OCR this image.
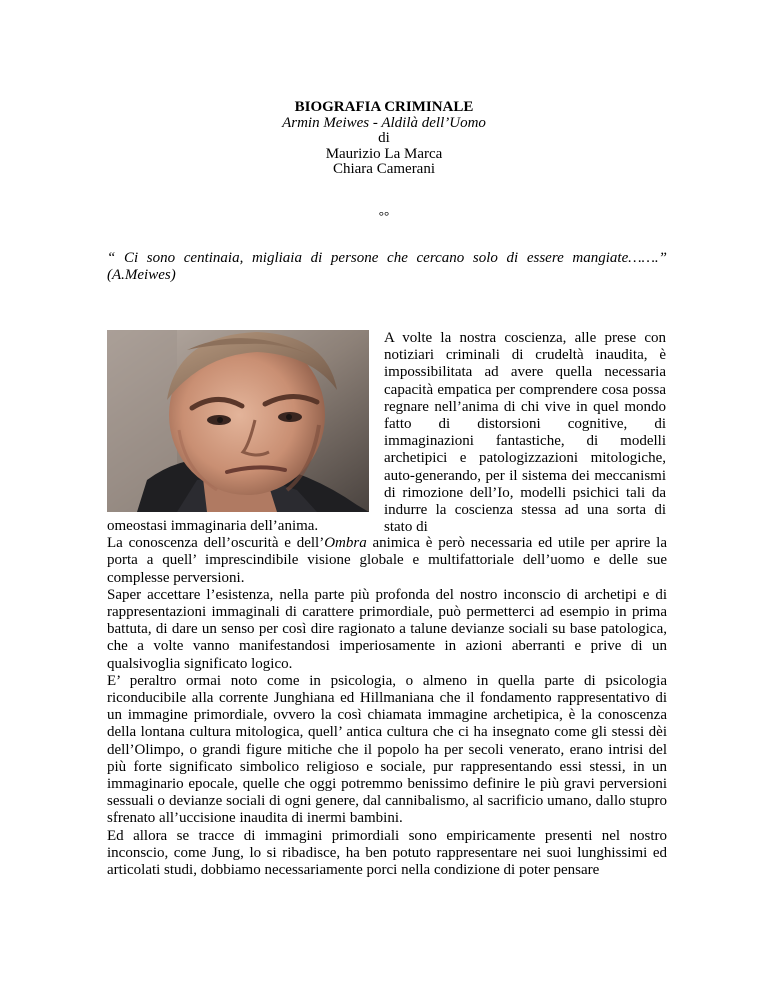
BIOGRAFIA CRIMINALE
Armin Meiwes - Aldilà dell’Uomo
di
Maurizio La Marca
Chiara Camerani
°°
“ Ci sono centinaia, migliaia di persone che cercano solo di essere mangiate…….” (A.Meiwes)
A volte la nostra coscienza, alle prese con notiziari criminali di crudeltà inaudita, è impossibilitata ad avere quella necessaria capacità empatica per comprendere cosa possa regnare nell’anima di chi vive in quel mondo fatto di distorsioni cognitive, di immaginazioni fantastiche, di modelli archetipici e patologizzazioni mitologiche, auto-generando, per il sistema dei meccanismi di rimozione dell’Io, modelli psichici tali da indurre la coscienza stessa ad una sorta di stato di

omeostasi immaginaria dell’anima.

La conoscenza dell’oscurità e dell’Ombra animica è però necessaria ed utile per aprire la porta a quell’ imprescindibile visione globale e multifattoriale dell’uomo e delle sue complesse perversioni.

Saper accettare l’esistenza, nella parte più profonda del nostro inconscio di archetipi e di rappresentazioni immaginali di carattere primordiale, può permetterci ad esempio in prima battuta, di dare un senso per così dire ragionato a talune devianze sociali su base patologica, che a volte vanno manifestandosi imperiosamente in azioni aberranti e prive di un qualsivoglia significato logico.

E’ peraltro ormai noto come in psicologia, o almeno in quella parte di psicologia riconducibile alla corrente Junghiana ed Hillmaniana che il fondamento rappresentativo di un immagine primordiale, ovvero la così chiamata immagine archetipica, è la conoscenza della lontana cultura mitologica, quell’ antica cultura che ci ha insegnato come gli stessi dèi dell’Olimpo, o grandi figure mitiche che il popolo ha per secoli venerato, erano intrisi del più forte significato simbolico religioso e sociale, pur rappresentando essi stessi, in un immaginario epocale, quelle che oggi potremmo benissimo definire le più gravi perversioni sessuali o devianze sociali di ogni genere, dal cannibalismo, al sacrificio umano, dallo stupro sfrenato all’uccisione inaudita di inermi bambini.

Ed allora se tracce di immagini primordiali sono empiricamente presenti nel nostro inconscio, come Jung, lo si ribadisce, ha ben potuto rappresentare nei suoi lunghissimi ed articolati studi, dobbiamo necessariamente porci nella condizione di poter pensare
